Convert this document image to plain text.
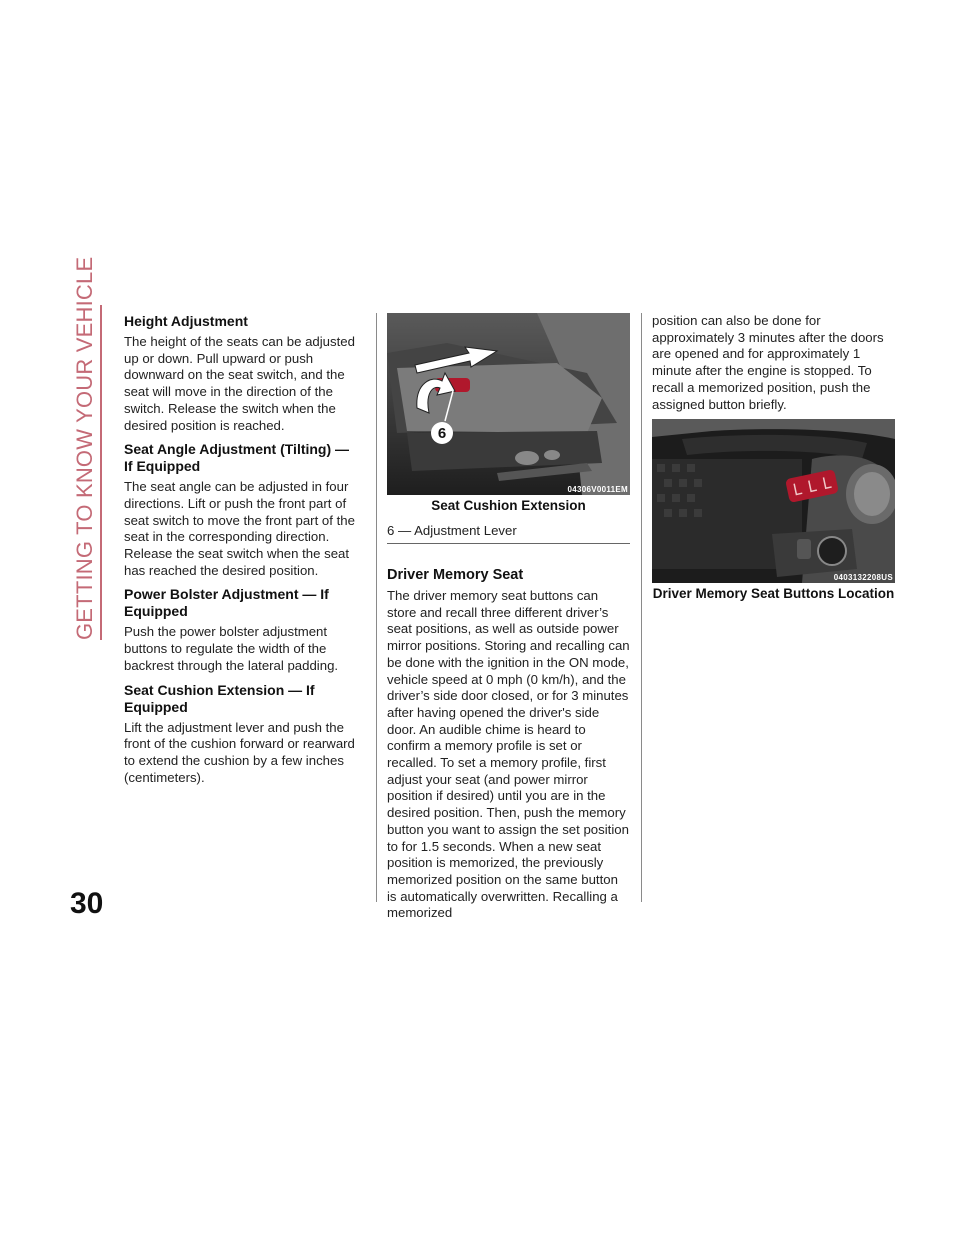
GETTING TO KNOW YOUR VEHICLE
30
Height Adjustment

The height of the seats can be adjusted up or down. Pull upward or push downward on the seat switch, and the seat will move in the direction of the switch. Release the switch when the desired position is reached.

Seat Angle Adjustment (Tilting) — If Equipped

The seat angle can be adjusted in four directions. Lift or push the front part of seat switch to move the front part of the seat in the corresponding direction. Release the seat switch when the seat has reached the desired position.

Power Bolster Adjustment — If Equipped

Push the power bolster adjustment buttons to regulate the width of the backrest through the lateral padding.

Seat Cushion Extension — If Equipped

Lift the adjustment lever and push the front of the cushion forward or rearward to extend the cushion by a few inches (centimeters).

6
04306V0011EM
Seat Cushion Extension
6 — Adjustment Lever
Driver Memory Seat

The driver memory seat buttons can store and recall three different driver’s seat positions, as well as outside power mirror positions. Storing and recalling can be done with the ignition in the ON mode, vehicle speed at 0 mph (0 km/h), and the driver’s side door closed, or for 3 minutes after having opened the driver's side door. An audible chime is heard to confirm a memory profile is set or recalled. To set a memory profile, first adjust your seat (and power mirror position if desired) until you are in the desired position. Then, push the memory button you want to assign the set position to for 1.5 seconds. When a new seat position is memorized, the previously memorized position on the same button is automatically overwritten. Recalling a memorized

position can also be done for approximately 3 minutes after the doors are opened and for approximately 1 minute after the engine is stopped. To recall a memorized position, push the assigned button briefly.

0403132208US
Driver Memory Seat Buttons Location
